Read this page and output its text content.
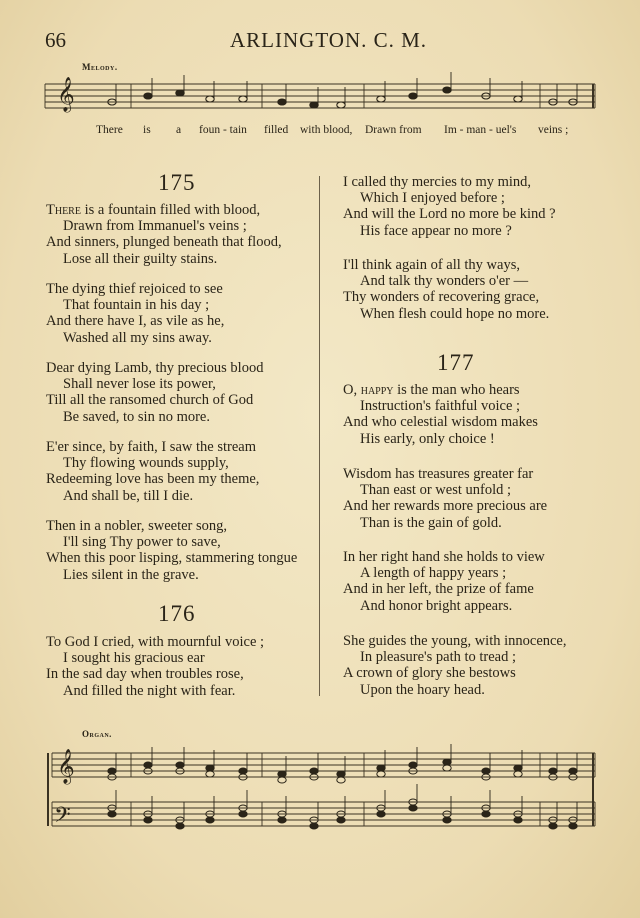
66	ARLINGTON. C. M.
Melody.
𝄞
𝄞
𝄢
There is a foun - tain filled with blood, Drawn from Im - man - uel's veins ;
175
There is a fountain filled with blood,
Drawn from Immanuel's veins ;
And sinners, plunged beneath that flood,
Lose all their guilty stains.
The dying thief rejoiced to see
That fountain in his day ;
And there have I, as vile as he,
Washed all my sins away.
Dear dying Lamb, thy precious blood
Shall never lose its power,
Till all the ransomed church of God
Be saved, to sin no more.
E'er since, by faith, I saw the stream
Thy flowing wounds supply,
Redeeming love has been my theme,
And shall be, till I die.
Then in a nobler, sweeter song,
I'll sing Thy power to save,
When this poor lisping, stammering tongue
Lies silent in the grave.
176
To God I cried, with mournful voice ;
I sought his gracious ear
In the sad day when troubles rose,
And filled the night with fear.
I called thy mercies to my mind,
Which I enjoyed before ;
And will the Lord no more be kind ?
His face appear no more ?
I'll think again of all thy ways,
And talk thy wonders o'er —
Thy wonders of recovering grace,
When flesh could hope no more.
177
O, happy is the man who hears
Instruction's faithful voice ;
And who celestial wisdom makes
His early, only choice !
Wisdom has treasures greater far
Than east or west unfold ;
And her rewards more precious are
Than is the gain of gold.
In her right hand she holds to view
A length of happy years ;
And in her left, the prize of fame
And honor bright appears.
She guides the young, with innocence,
In pleasure's path to tread ;
A crown of glory she bestows
Upon the hoary head.
Organ.
